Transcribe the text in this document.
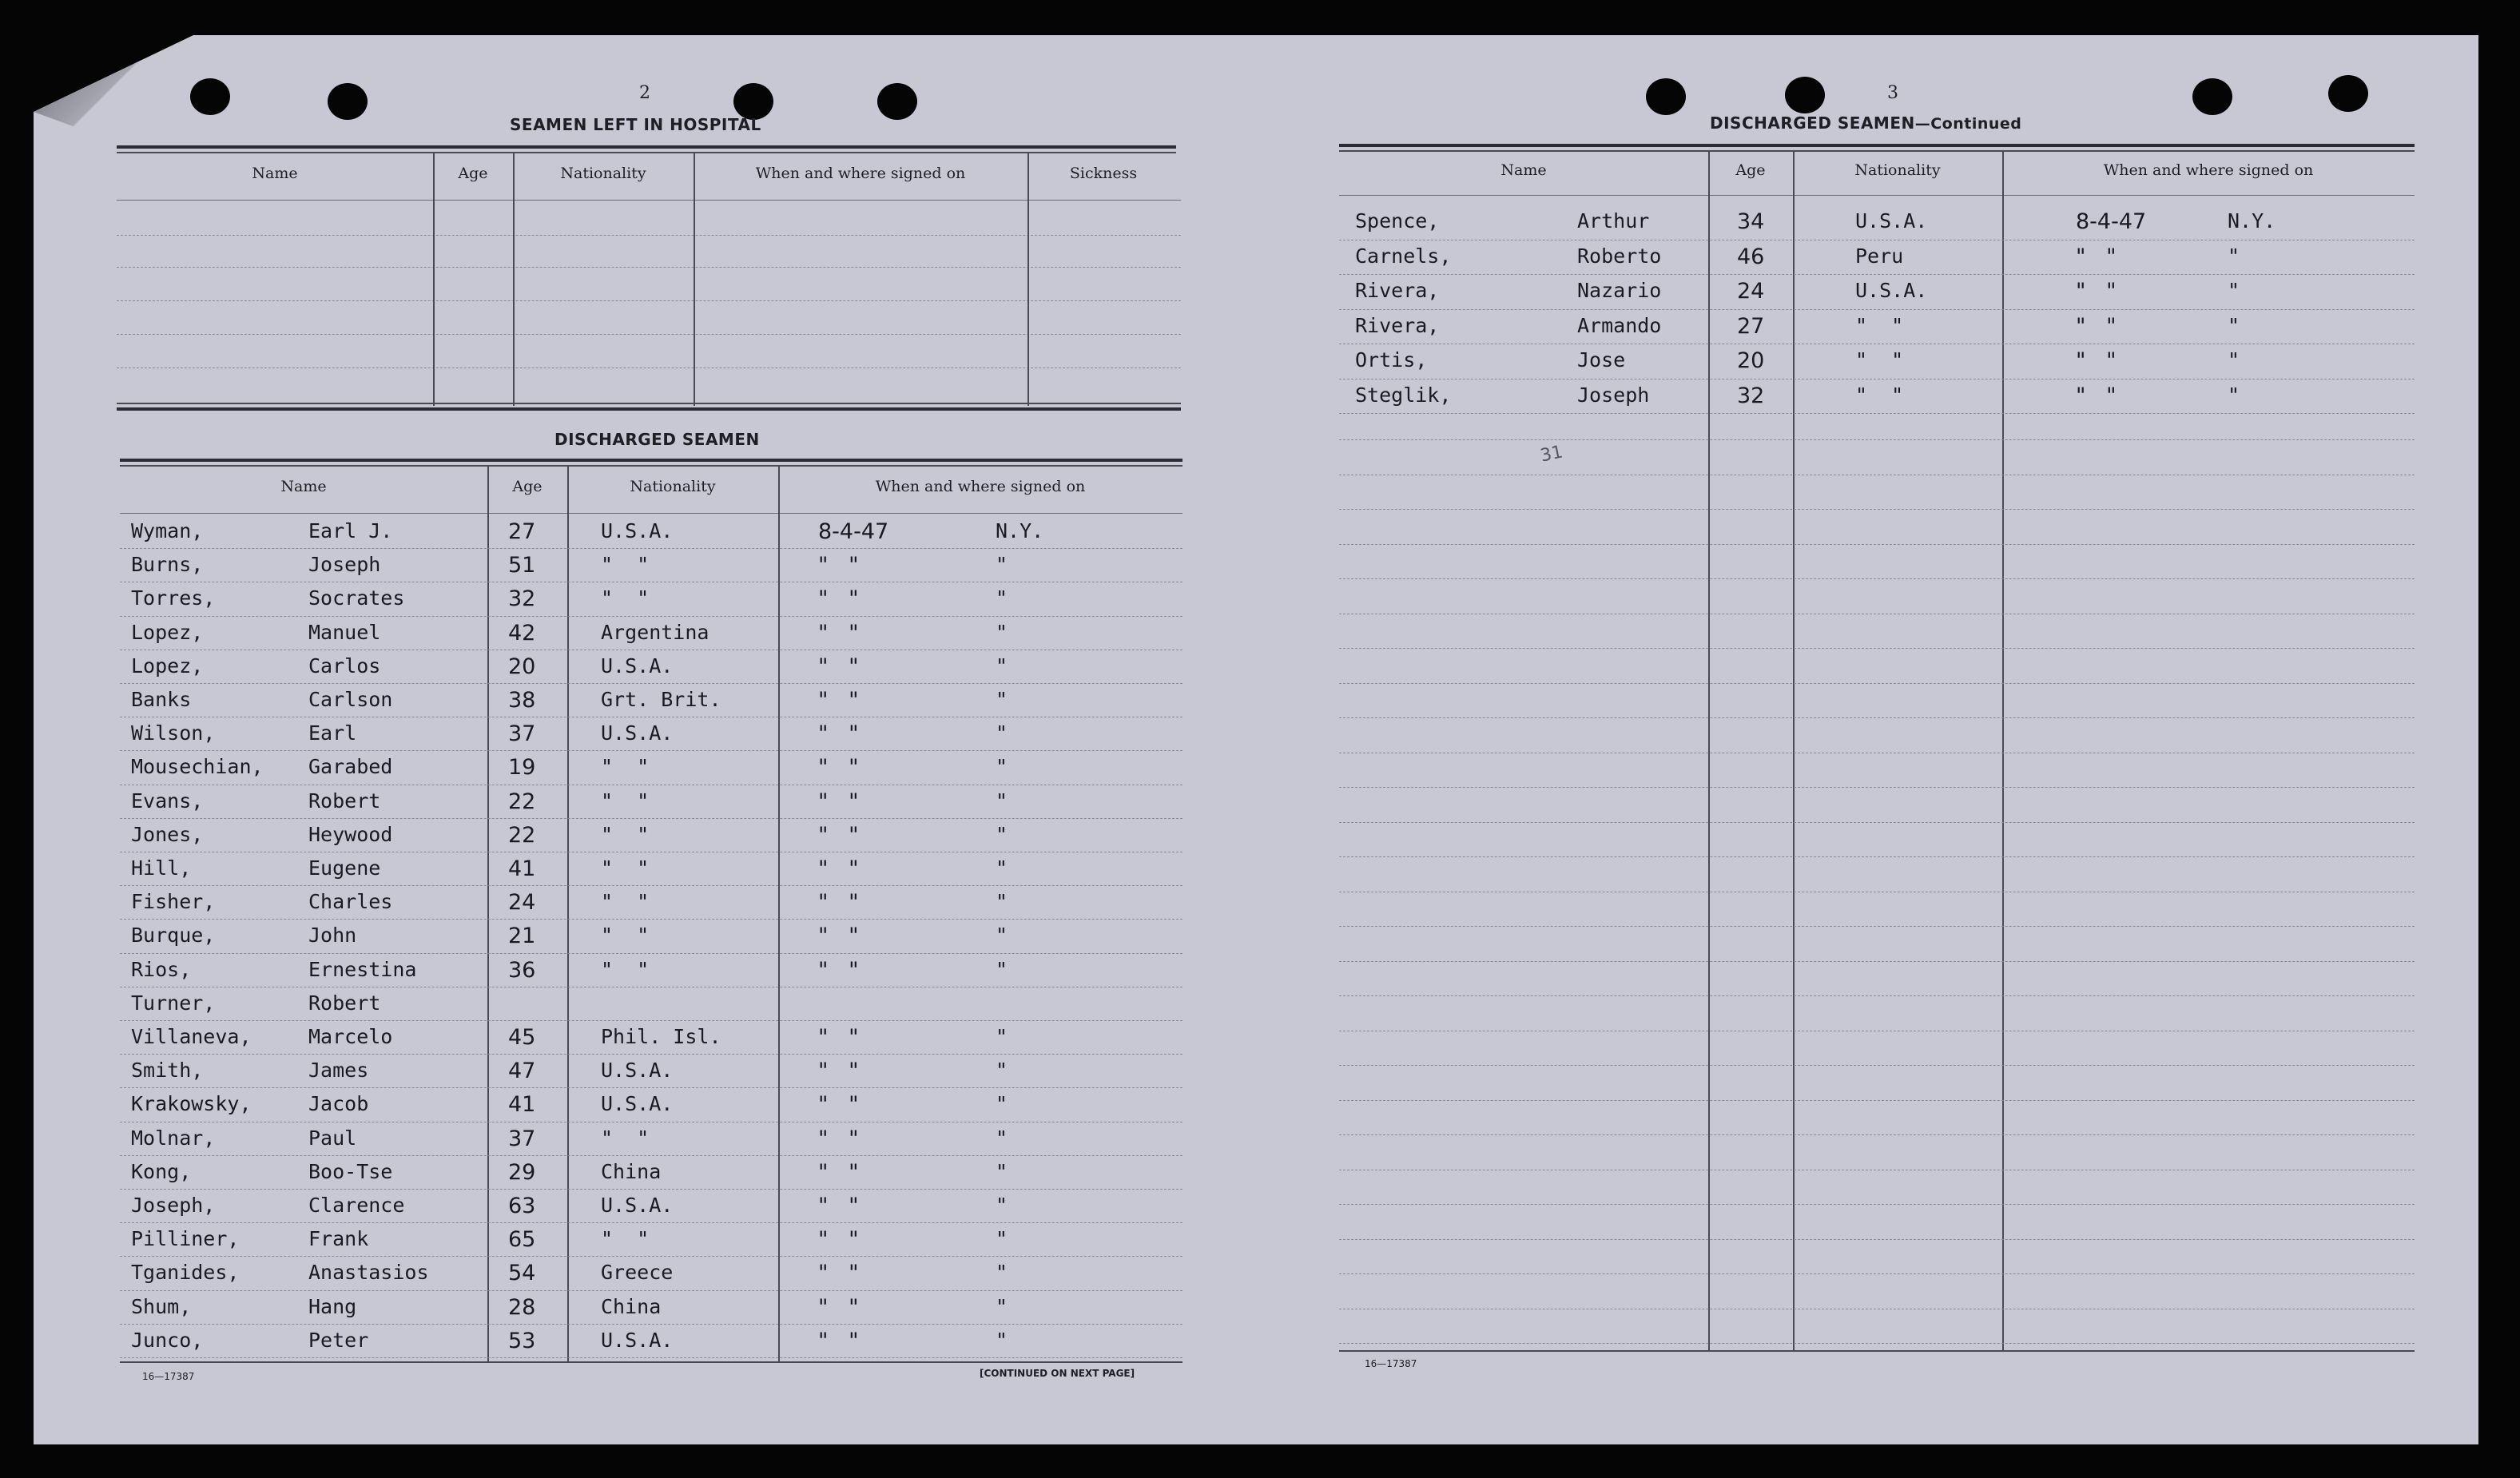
2
SEAMEN LEFT IN HOSPITAL
Name	Age	Nationality	When and where signed on	Sickness
DISCHARGED SEAMEN
Name	Age	Nationality	When and where signed on
Wyman,	Earl J.	27	U.S.A.	8-4-47	N.Y.
Burns,	Joseph	51	"  "	"   "	"
Torres,	Socrates	32	"  "	"   "	"
Lopez,	Manuel	42	Argentina	"   "	"
Lopez,	Carlos	20	U.S.A.	"   "	"
Banks	Carlson	38	Grt. Brit.	"   "	"
Wilson,	Earl	37	U.S.A.	"   "	"
Mousechian, Garabed	19	"  "	"   "	"
Evans,	Robert	22	"  "	"   "	"
Jones,	Heywood	22	"  "	"   "	"
Hill,	Eugene	41	"  "	"   "	"
Fisher,	Charles	24	"  "	"   "	"
Burque,	John	21	"  "	"   "	"
Rios,	Ernestina	36	"  "	"   "	"
Turner,	Robert
Villaneva,	Marcelo	45	Phil. Isl.	"   "	"
Smith,	James	47	U.S.A.	"   "	"
Krakowsky,	Jacob	41	U.S.A.	"   "	"
Molnar,	Paul	37	"  "	"   "	"
Kong,	Boo-Tse	29	China	"   "	"
Joseph,	Clarence	63	U.S.A.	"   "	"
Pilliner,	Frank	65	"  "	"   "	"
Tganides,	Anastasios	54	Greece	"   "	"
Shum,	Hang	28	China	"   "	"
Junco,	Peter	53	U.S.A.	"   "	"
16—17387	[CONTINUED ON NEXT PAGE]
3
DISCHARGED SEAMEN—Continued
Name	Age	Nationality	When and where signed on
Spence,	Arthur	34	U.S.A.	8-4-47	N.Y.
Carnels,	Roberto	46	Peru	"   "	"
Rivera,	Nazario	24	U.S.A.	"   "	"
Rivera,	Armando	27	"  "	"   "	"
Ortis,	Jose	20	"  "	"   "	"
Steglik,	Joseph	32	"  "	"   "	"
31
16—17387
